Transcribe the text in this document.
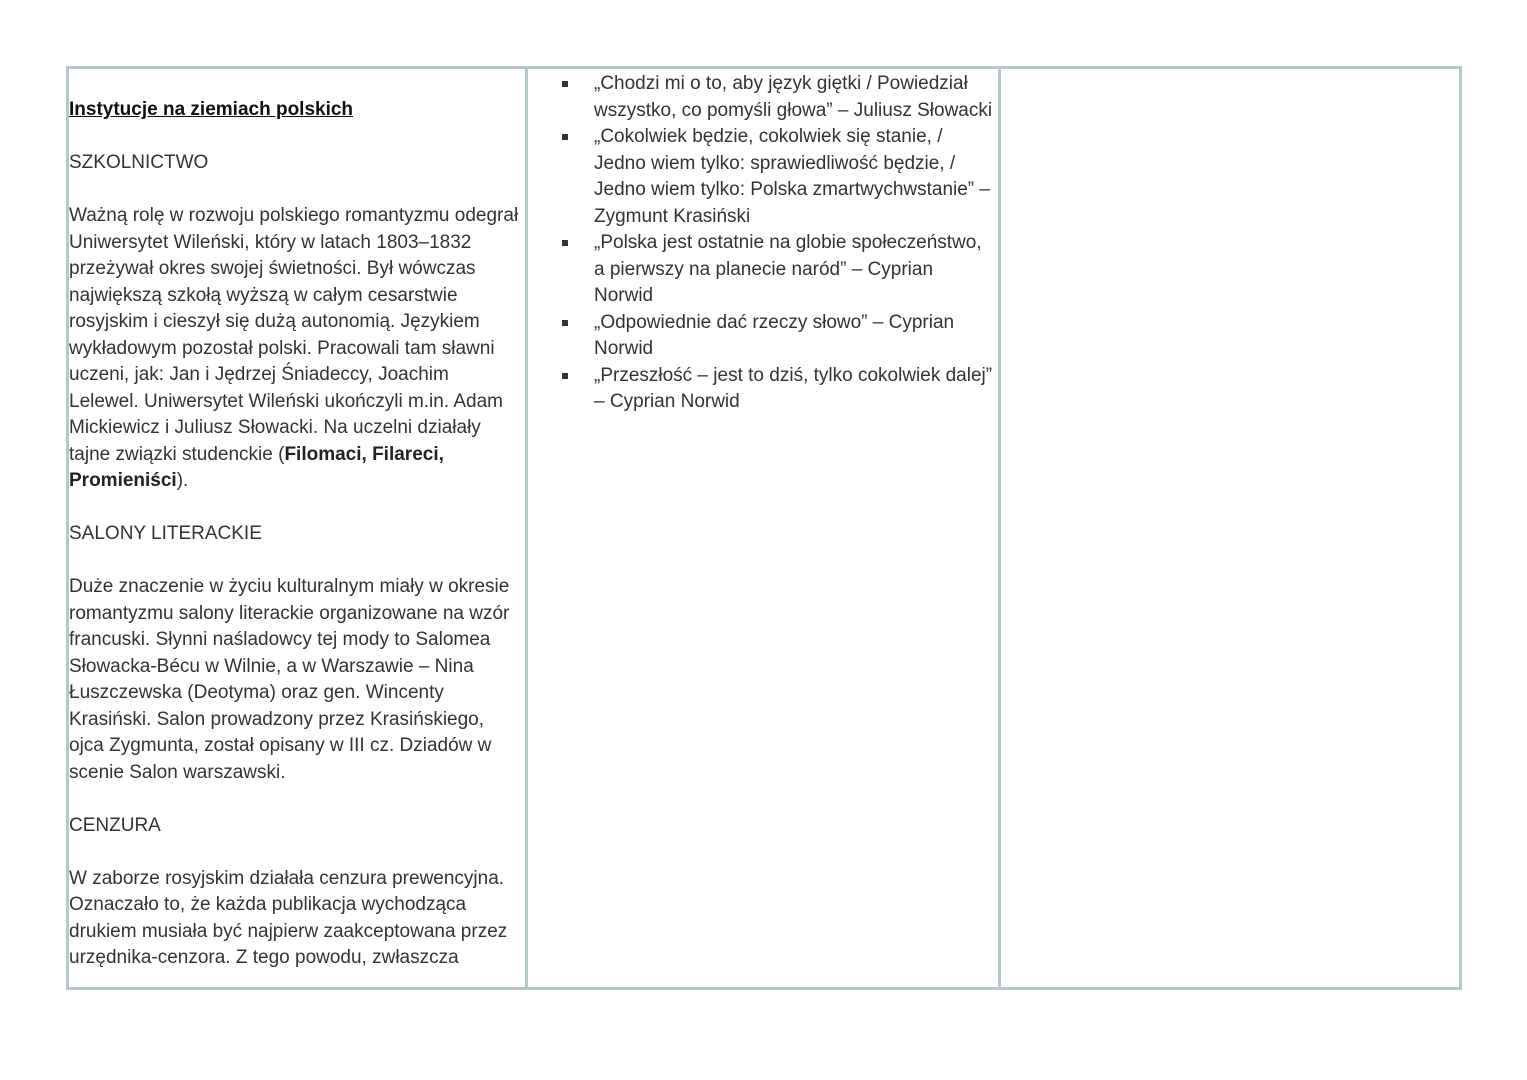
Instytucje na ziemiach polskich

SZKOLNICTWO

Ważną rolę w rozwoju polskiego romantyzmu odegrał Uniwersytet Wileński, który w latach 1803–1832 przeżywał okres swojej świetności. Był wówczas największą szkołą wyższą w całym cesarstwie rosyjskim i cieszył się dużą autonomią. Językiem wykładowym pozostał polski. Pracowali tam sławni uczeni, jak: Jan i Jędrzej Śniadeccy, Joachim Lelewel. Uniwersytet Wileński ukończyli m.in. Adam Mickiewicz i Juliusz Słowacki. Na uczelni działały tajne związki studenckie (Filomaci, Filareci, Promieniści).

SALONY LITERACKIE

Duże znaczenie w życiu kulturalnym miały w okresie romantyzmu salony literackie organizowane na wzór francuski. Słynni naśladowcy tej mody to Salomea Słowacka-Bécu w Wilnie, a w Warszawie – Nina Łuszczewska (Deotyma) oraz gen. Wincenty Krasiński. Salon prowadzony przez Krasińskiego, ojca Zygmunta, został opisany w III cz. Dziadów w scenie Salon warszawski.

CENZURA

W zaborze rosyjskim działała cenzura prewencyjna. Oznaczało to, że każda publikacja wychodząca drukiem musiała być najpierw zaakceptowana przez urzędnika-cenzora. Z tego powodu, zwłaszcza

„Chodzi mi o to, aby język giętki / Powiedział wszystko, co pomyśli głowa” – Juliusz Słowacki
„Cokolwiek będzie, cokolwiek się stanie, / Jedno wiem tylko: sprawiedliwość będzie, / Jedno wiem tylko: Polska zmartwychwstanie” – Zygmunt Krasiński
„Polska jest ostatnie na globie społeczeństwo, a pierwszy na planecie naród” – Cyprian Norwid
„Odpowiednie dać rzeczy słowo” – Cyprian Norwid
„Przeszłość – jest to dziś, tylko cokolwiek dalej” – Cyprian Norwid
